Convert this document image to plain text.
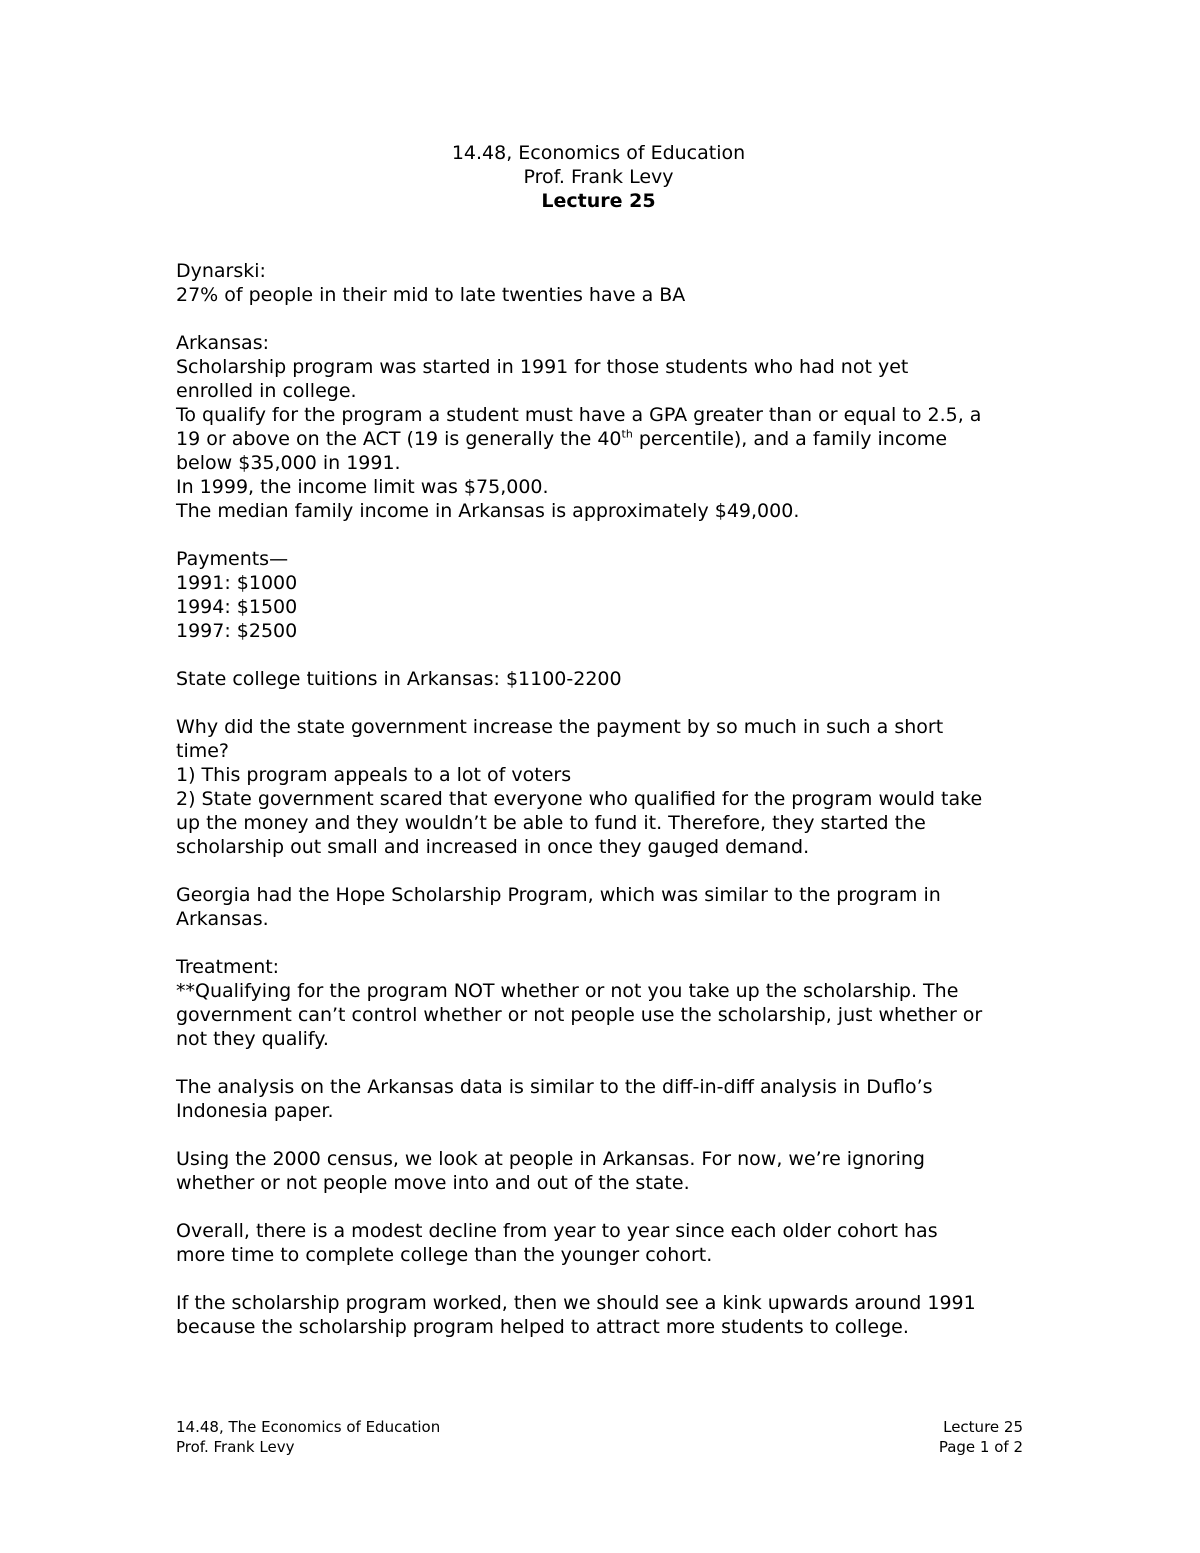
14.48, Economics of Education
Prof. Frank Levy
Lecture 25
Dynarski:
27% of people in their mid to late twenties have a BA
Arkansas:
Scholarship program was started in 1991 for those students who had not yet
enrolled in college.
To qualify for the program a student must have a GPA greater than or equal to 2.5, a
19 or above on the ACT (19 is generally the 40th percentile), and a family income
below $35,000 in 1991.
In 1999, the income limit was $75,000.
The median family income in Arkansas is approximately $49,000.
Payments—
1991: $1000
1994: $1500
1997: $2500
State college tuitions in Arkansas: $1100-2200
Why did the state government increase the payment by so much in such a short
time?
1) This program appeals to a lot of voters
2) State government scared that everyone who qualified for the program would take
up the money and they wouldn’t be able to fund it. Therefore, they started the
scholarship out small and increased in once they gauged demand.
Georgia had the Hope Scholarship Program, which was similar to the program in
Arkansas.
Treatment:
**Qualifying for the program NOT whether or not you take up the scholarship. The
government can’t control whether or not people use the scholarship, just whether or
not they qualify.
The analysis on the Arkansas data is similar to the diff-in-diff analysis in Duflo’s
Indonesia paper.
Using the 2000 census, we look at people in Arkansas. For now, we’re ignoring
whether or not people move into and out of the state.
Overall, there is a modest decline from year to year since each older cohort has
more time to complete college than the younger cohort.
If the scholarship program worked, then we should see a kink upwards around 1991
because the scholarship program helped to attract more students to college.
14.48, The Economics of Education
Prof. Frank Levy
Lecture 25
Page 1 of 2
